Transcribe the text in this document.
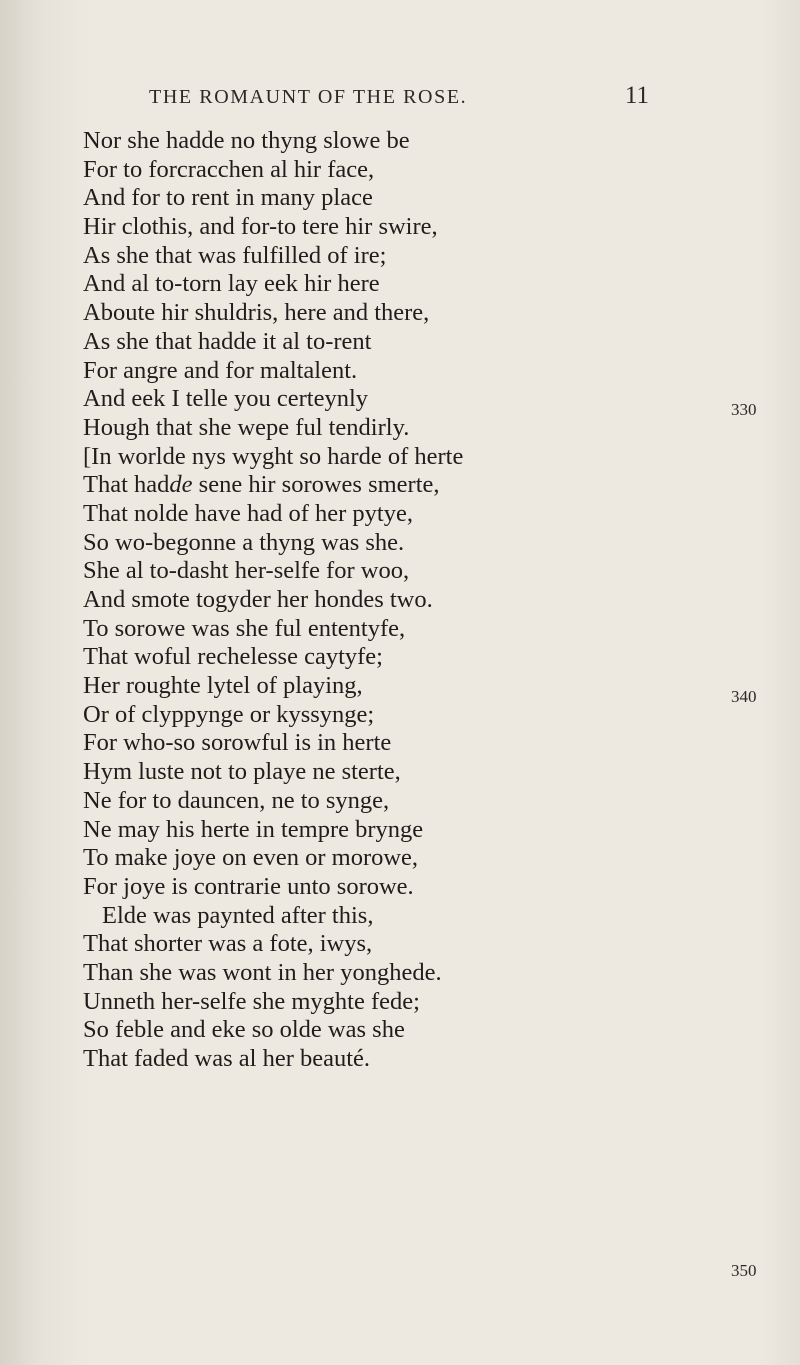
THE ROMAUNT OF THE ROSE.	11
Nor she hadde no thyng slowe be
For to forcracchen al hir face,
And for to rent in many place
Hir clothis, and for-to tere hir swire,
As she that was fulfilled of ire;
And al to-torn lay eek hir here
Aboute hir shuldris, here and there,
As she that hadde it al to-rent
For angre and for maltalent.
And eek I telle you certeynly
Hough that she wepe ful tendirly.
[In worlde nys wyght so harde of herte
That hadde sene hir sorowes smerte,
That nolde have had of her pytye,
So wo-begonne a thyng was she.
She al to-dasht her-selfe for woo,
And smote togyder her hondes two.
To sorowe was she ful ententyfe,
That woful rechelesse caytyfe;
Her roughte lytel of playing,
Or of clyppynge or kyssynge;
For who-so sorowful is in herte
Hym luste not to playe ne sterte,
Ne for to dauncen, ne to synge,
Ne may his herte in tempre brynge
To make joye on even or morowe,
For joye is contrarie unto sorowe.
Elde was paynted after this,
That shorter was a fote, iwys,
Than she was wont in her yonghede.
Unneth her-selfe she myghte fede;
So feble and eke so olde was she
That faded was al her beauté.
330
340
350
